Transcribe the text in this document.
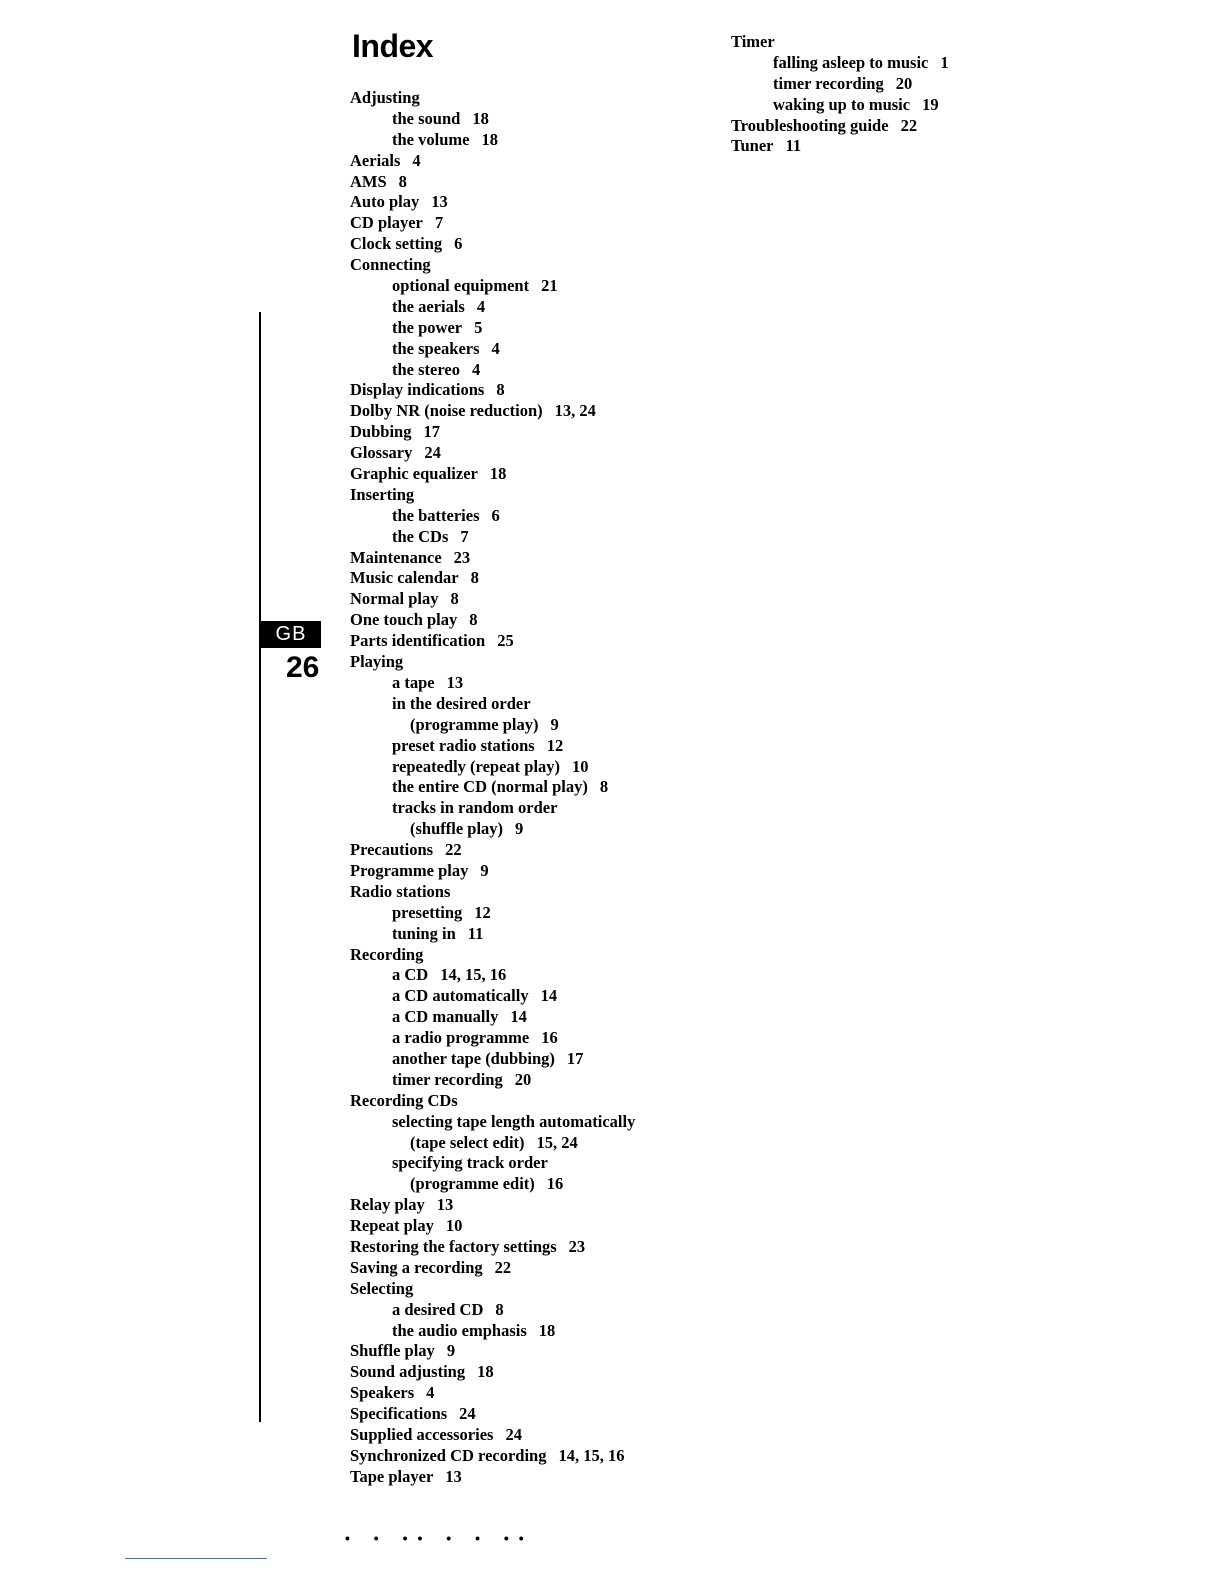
GB
26
Index
Adjusting
the sound 18
the volume 18
Aerials 4
AMS 8
Auto play 13
CD player 7
Clock setting 6
Connecting
optional equipment 21
the aerials 4
the power 5
the speakers 4
the stereo 4
Display indications 8
Dolby NR (noise reduction) 13, 24
Dubbing 17
Glossary 24
Graphic equalizer 18
Inserting
the batteries 6
the CDs 7
Maintenance 23
Music calendar 8
Normal play 8
One touch play 8
Parts identification 25
Playing
a tape 13
in the desired order
(programme play) 9
preset radio stations 12
repeatedly (repeat play) 10
the entire CD (normal play) 8
tracks in random order
(shuffle play) 9
Precautions 22
Programme play 9
Radio stations
presetting 12
tuning in 11
Recording
a CD 14, 15, 16
a CD automatically 14
a CD manually 14
a radio programme 16
another tape (dubbing) 17
timer recording 20
Recording CDs
selecting tape length automatically
(tape select edit) 15, 24
specifying track order
(programme edit) 16
Relay play 13
Repeat play 10
Restoring the factory settings 23
Saving a recording 22
Selecting
a desired CD 8
the audio emphasis 18
Shuffle play 9
Sound adjusting 18
Speakers 4
Specifications 24
Supplied accessories 24
Synchronized CD recording 14, 15, 16
Tape player 13
Timer
falling asleep to music 1
timer recording 20
waking up to music 19
Troubleshooting guide 22
Tuner 11
• • •• • • ••
